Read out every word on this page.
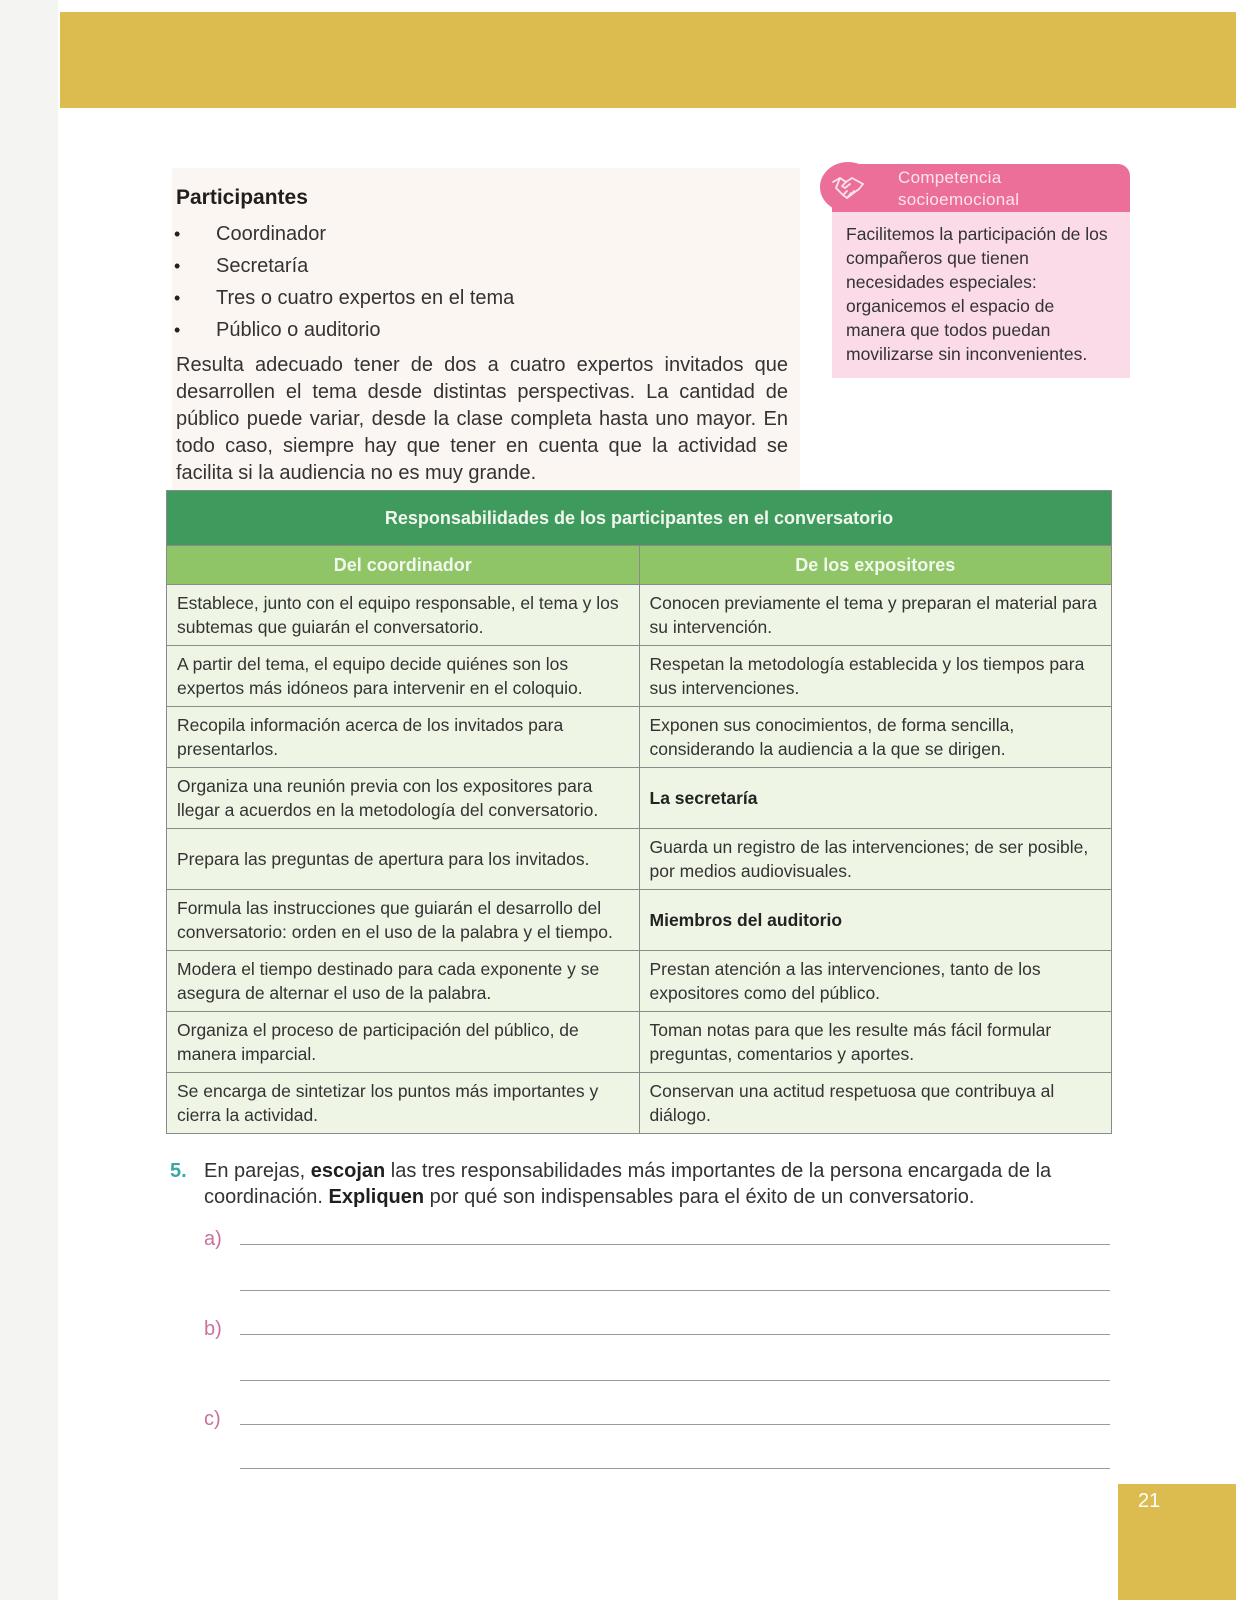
Participantes
• Coordinador
• Secretaría
• Tres o cuatro expertos en el tema
• Público o auditorio

Resulta adecuado tener de dos a cuatro expertos invitados que desarrollen el tema desde distintas perspectivas. La cantidad de público puede variar, desde la clase completa hasta uno mayor. En todo caso, siempre hay que tener en cuenta que la actividad se facilita si la audiencia no es muy grande.

Competencia
socioemocional

Facilitemos la participación de los compañeros que tienen necesidades especiales: organicemos el espacio de manera que todos puedan movilizarse sin inconvenientes.

Responsabilidades de los participantes en el conversatorio	
Del coordinador	De los expositores
Establece, junto con el equipo responsable, el tema y los subtemas que guiarán el conversatorio.	Conocen previamente el tema y preparan el material para su intervención.
A partir del tema, el equipo decide quiénes son los expertos más idóneos para intervenir en el coloquio.	Respetan la metodología establecida y los tiempos para sus intervenciones.
Recopila información acerca de los invitados para presentarlos.	Exponen sus conocimientos, de forma sencilla, considerando la audiencia a la que se dirigen.
Organiza una reunión previa con los expositores para llegar a acuerdos en la metodología del conversatorio.	La secretaría
Prepara las preguntas de apertura para los invitados.	Guarda un registro de las intervenciones; de ser posible, por medios audiovisuales.
Formula las instrucciones que guiarán el desarrollo del conversatorio: orden en el uso de la palabra y el tiempo.	Miembros del auditorio
Modera el tiempo destinado para cada exponente y se asegura de alternar el uso de la palabra.	Prestan atención a las intervenciones, tanto de los expositores como del público.
Organiza el proceso de participación del público, de manera imparcial.	Toman notas para que les resulte más fácil formular preguntas, comentarios y aportes.
Se encarga de sintetizar los puntos más importantes y cierra la actividad.	Conservan una actitud respetuosa que contribuya al diálogo.

5. En parejas, escojan las tres responsabilidades más importantes de la persona encargada de la coordinación. Expliquen por qué son indispensables para el éxito de un conversatorio.

a)
b)
c)
21
